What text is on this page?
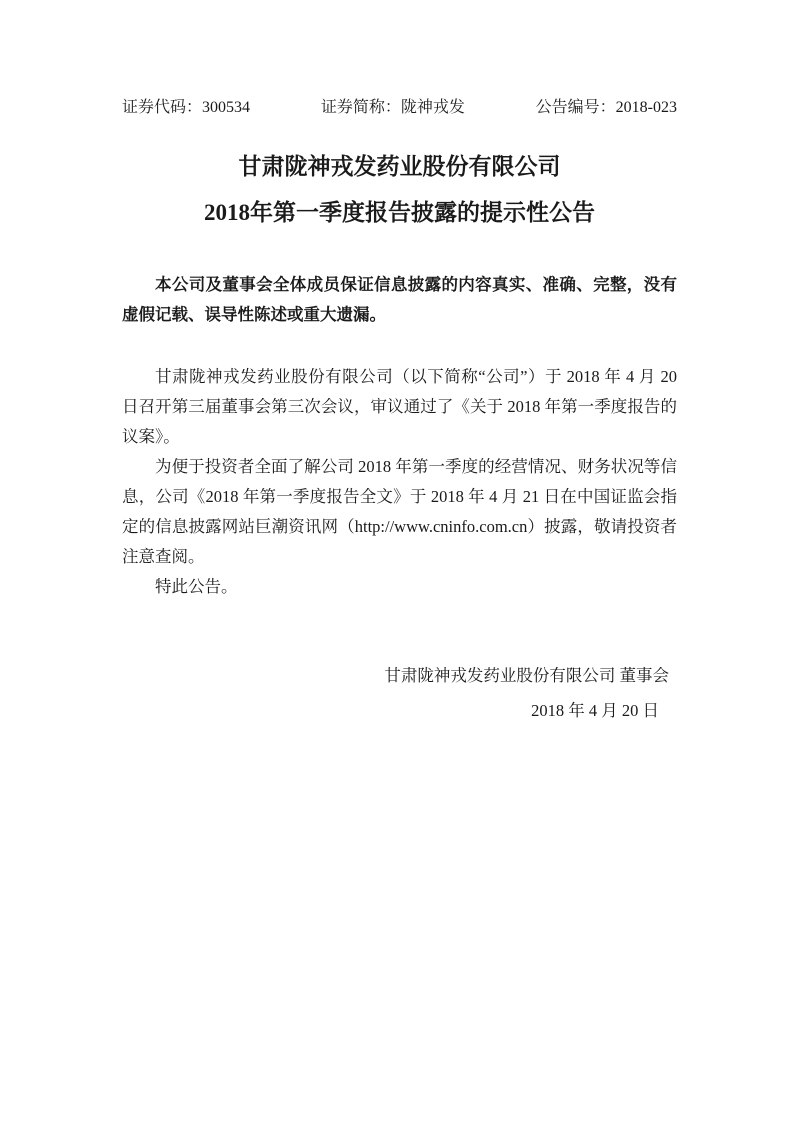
证券代码：300534	证券简称：陇神戎发	公告编号：2018-023
甘肃陇神戎发药业股份有限公司
2018年第一季度报告披露的提示性公告

本公司及董事会全体成员保证信息披露的内容真实、准确、完整，没有虚假记载、误导性陈述或重大遗漏。

甘肃陇神戎发药业股份有限公司（以下简称“公司”）于 2018 年 4 月 20 日召开第三届董事会第三次会议，审议通过了《关于 2018 年第一季度报告的议案》。

为便于投资者全面了解公司 2018 年第一季度的经营情况、财务状况等信息，公司《2018 年第一季度报告全文》于 2018 年 4 月 21 日在中国证监会指定的信息披露网站巨潮资讯网（http://www.cninfo.com.cn）披露，敬请投资者注意查阅。

特此公告。

甘肃陇神戎发药业股份有限公司 董事会
2018 年 4 月 20 日
